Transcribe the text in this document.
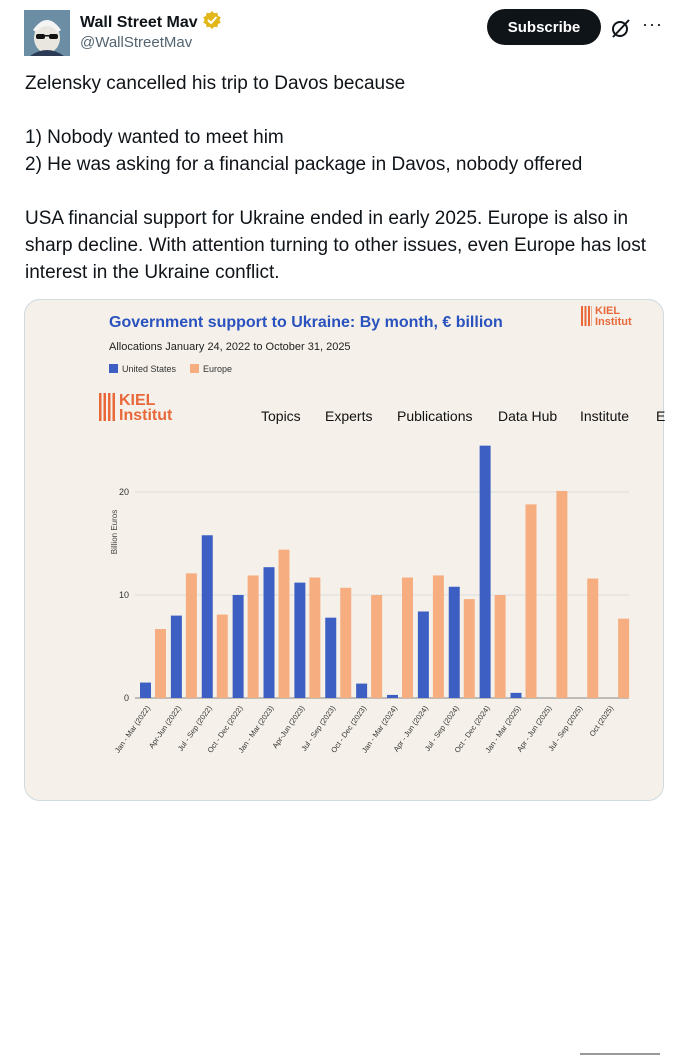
Wall Street Mav
@WallStreetMav
Subscribe	···

Zelensky cancelled his trip to Davos because

1) Nobody wanted to meet him

2) He was asking for a financial package in Davos, nobody offered

USA financial support for Ukraine ended in early 2025. Europe is also in sharp decline. With attention turning to other issues, even Europe has lost interest in the Ukraine conflict.

Government support to Ukraine: By month, € billion
Allocations January 24, 2022 to October 31, 2025
United States	Europe
KIEL
Institut
KIEL
Institut	Topics Experts Publications Data Hub Institute E
0
10
20
Jan - Mar (2022)
Apr-Jun (2022)
Jul - Sep (2022)
Oct - Dec (2022)
Jan - Mar (2023)
Apr-Jun (2023)
Jul - Sep (2023)
Oct - Dec (2023)
Jan - Mar (2024)
Apr - Jun (2024)
Jul - Sep (2024)
Oct - Dec (2024)
Jan - Mar (2025)
Apr - Jun (2025)
Jul - Sep (2025) Oct (2025)
Billion Euros
